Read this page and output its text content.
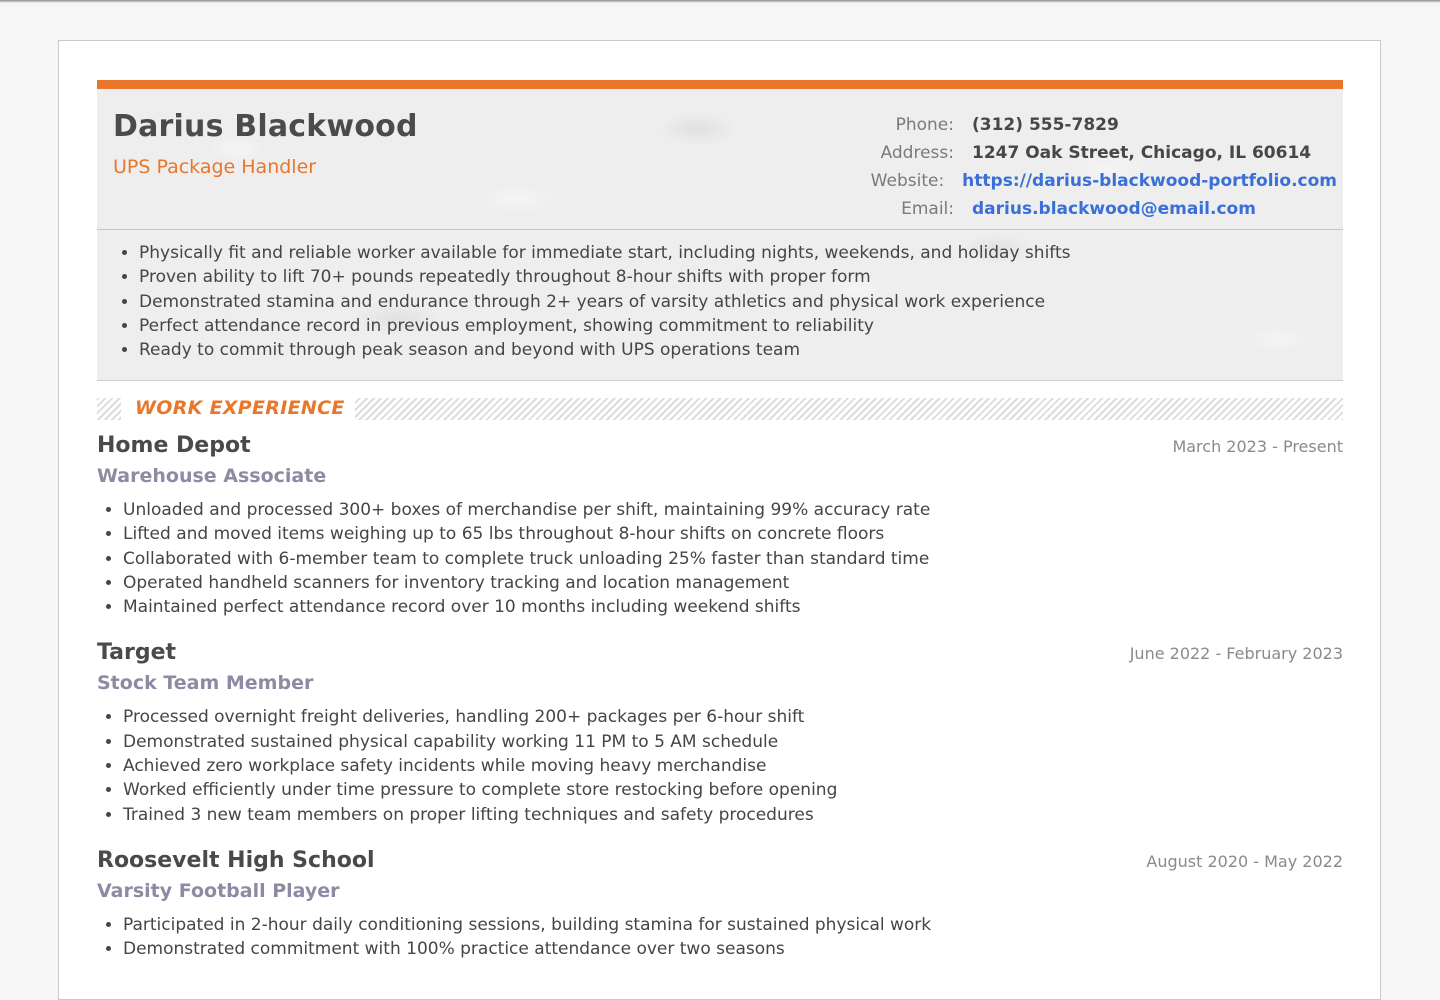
Darius Blackwood
UPS Package Handler
Phone:	(312) 555-7829
Address:	1247 Oak Street, Chicago, IL 60614
Website:	https://darius-blackwood-portfolio.com
Email:	darius.blackwood@email.com
• Physically fit and reliable worker available for immediate start, including nights, weekends, and holiday shifts
• Proven ability to lift 70+ pounds repeatedly throughout 8-hour shifts with proper form
• Demonstrated stamina and endurance through 2+ years of varsity athletics and physical work experience
• Perfect attendance record in previous employment, showing commitment to reliability
• Ready to commit through peak season and beyond with UPS operations team
WORK EXPERIENCE
Home Depot	March 2023 - Present
Warehouse Associate
• Unloaded and processed 300+ boxes of merchandise per shift, maintaining 99% accuracy rate
• Lifted and moved items weighing up to 65 lbs throughout 8-hour shifts on concrete floors
• Collaborated with 6-member team to complete truck unloading 25% faster than standard time
• Operated handheld scanners for inventory tracking and location management
• Maintained perfect attendance record over 10 months including weekend shifts
Target	June 2022 - February 2023
Stock Team Member
• Processed overnight freight deliveries, handling 200+ packages per 6-hour shift
• Demonstrated sustained physical capability working 11 PM to 5 AM schedule
• Achieved zero workplace safety incidents while moving heavy merchandise
• Worked efficiently under time pressure to complete store restocking before opening
• Trained 3 new team members on proper lifting techniques and safety procedures
Roosevelt High School	August 2020 - May 2022
Varsity Football Player
• Participated in 2-hour daily conditioning sessions, building stamina for sustained physical work
• Demonstrated commitment with 100% practice attendance over two seasons
